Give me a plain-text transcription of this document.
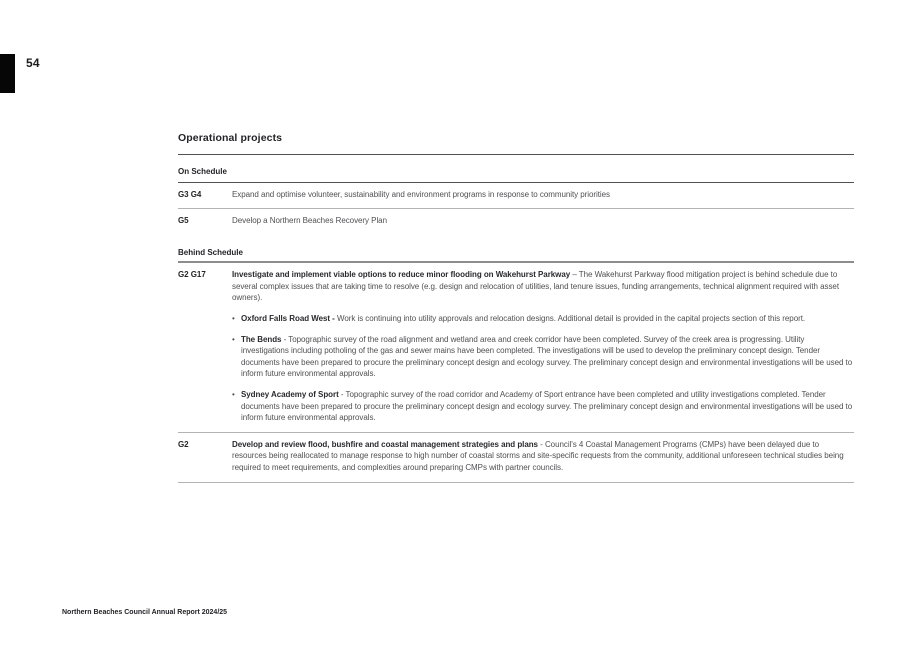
54
Operational projects
On Schedule
G3 G4	Expand and optimise volunteer, sustainability and environment programs in response to community priorities
G5	Develop a Northern Beaches Recovery Plan
Behind Schedule
G2 G17	Investigate and implement viable options to reduce minor flooding on Wakehurst Parkway – The Wakehurst Parkway flood mitigation project is behind schedule due to several complex issues that are taking time to resolve (e.g. design and relocation of utilities, land tenure issues, funding arrangements, technical alignment required with asset owners).

• Oxford Falls Road West - Work is continuing into utility approvals and relocation designs. Additional detail is provided in the capital projects section of this report.
• The Bends - Topographic survey of the road alignment and wetland area and creek corridor have been completed. Survey of the creek area is progressing. Utility investigations including potholing of the gas and sewer mains have been completed. The investigations will be used to develop the preliminary concept design. Tender documents have been prepared to procure the preliminary concept design and ecology survey. The preliminary concept design and environmental investigations will be used to inform future environmental approvals.
• Sydney Academy of Sport - Topographic survey of the road corridor and Academy of Sport entrance have been completed and utility investigations completed. Tender documents have been prepared to procure the preliminary concept design and ecology survey. The preliminary concept design and environmental investigations will be used to inform future environmental approvals.
G2	Develop and review flood, bushfire and coastal management strategies and plans - Council's 4 Coastal Management Programs (CMPs) have been delayed due to resources being reallocated to manage response to high number of coastal storms and site-specific requests from the community, additional unforeseen technical studies being required to meet requirements, and complexities around preparing CMPs with partner councils.

Northern Beaches Council Annual Report 2024/25
